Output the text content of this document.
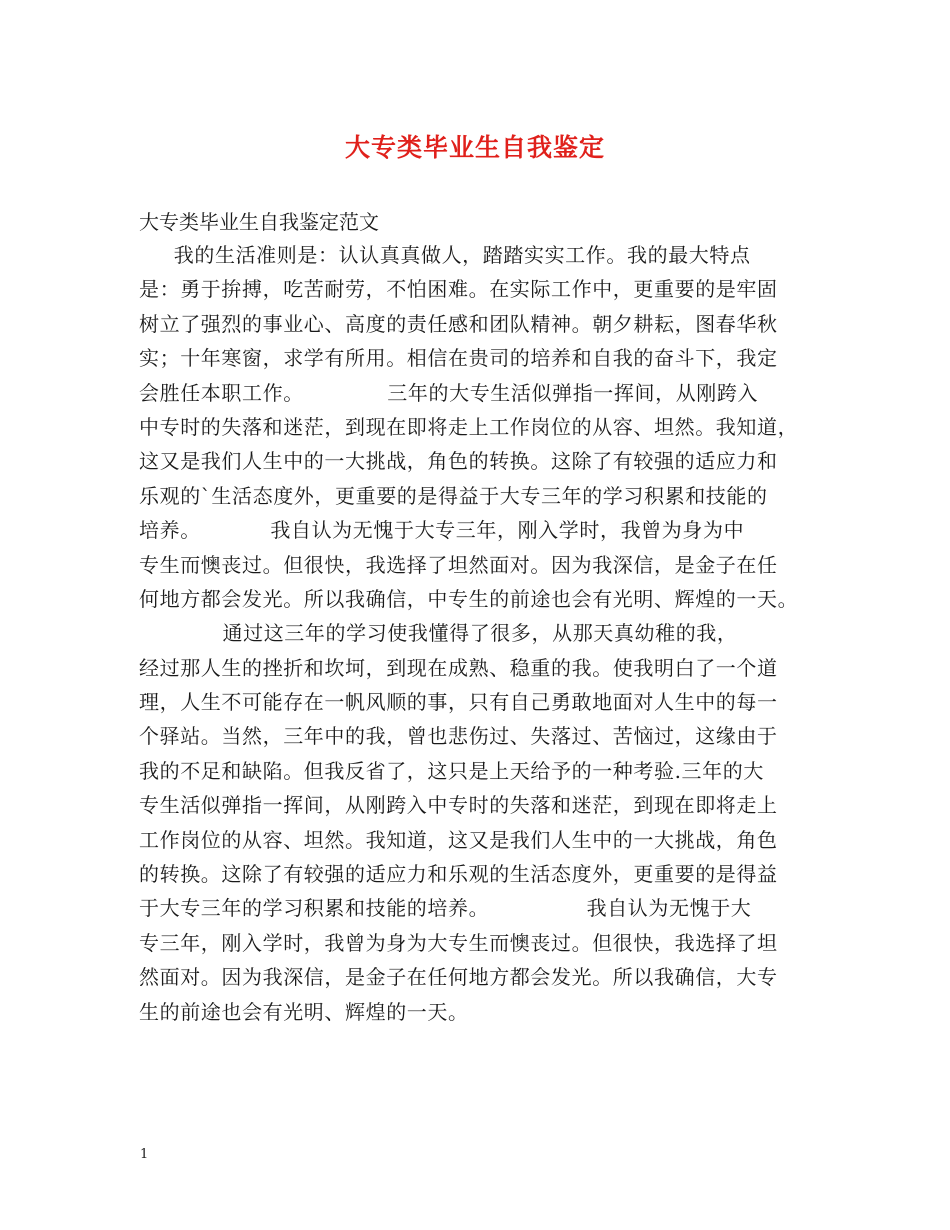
大专类毕业生自我鉴定
大专类毕业生自我鉴定范文
我的生活准则是：认认真真做人，踏踏实实工作。我的最大特点
是：勇于拚搏，吃苦耐劳，不怕困难。在实际工作中，更重要的是牢固
树立了强烈的事业心、高度的责任感和团队精神。朝夕耕耘，图春华秋
实；十年寒窗，求学有所用。相信在贵司的培养和自我的奋斗下，我定
会胜任本职工作。            三年的大专生活似弹指一挥间，从刚跨入
中专时的失落和迷茫，到现在即将走上工作岗位的从容、坦然。我知道，
这又是我们人生中的一大挑战，角色的转换。这除了有较强的适应力和
乐观的`生活态度外，更重要的是得益于大专三年的学习积累和技能的
培养。          我自认为无愧于大专三年，刚入学时，我曾为身为中
专生而懊丧过。但很快，我选择了坦然面对。因为我深信，是金子在任
何地方都会发光。所以我确信，中专生的前途也会有光明、辉煌的一天。
通过这三年的学习使我懂得了很多，从那天真幼稚的我，
经过那人生的挫折和坎坷，到现在成熟、稳重的我。使我明白了一个道
理，人生不可能存在一帆风顺的事，只有自己勇敢地面对人生中的每一
个驿站。当然，三年中的我，曾也悲伤过、失落过、苦恼过，这缘由于
我的不足和缺陷。但我反省了，这只是上天给予的一种考验.三年的大
专生活似弹指一挥间，从刚跨入中专时的失落和迷茫，到现在即将走上
工作岗位的从容、坦然。我知道，这又是我们人生中的一大挑战，角色
的转换。这除了有较强的适应力和乐观的生活态度外，更重要的是得益
于大专三年的学习积累和技能的培养。              我自认为无愧于大
专三年，刚入学时，我曾为身为大专生而懊丧过。但很快，我选择了坦
然面对。因为我深信，是金子在任何地方都会发光。所以我确信，大专
生的前途也会有光明、辉煌的一天。
1
